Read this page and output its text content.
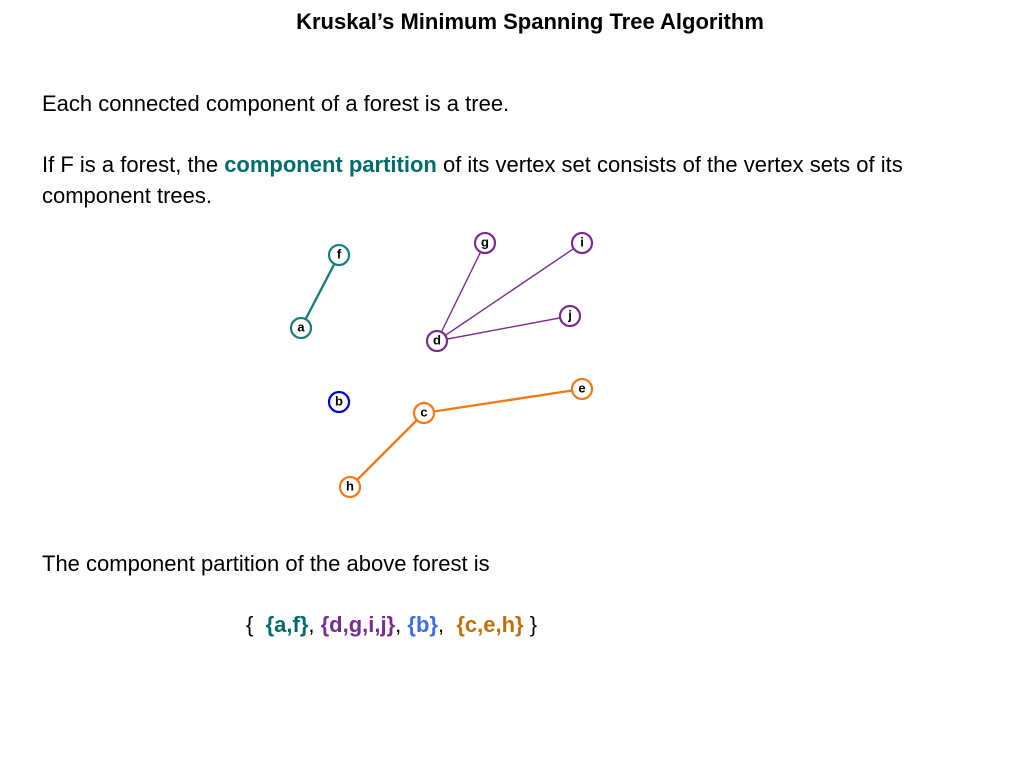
Kruskal’s Minimum Spanning Tree Algorithm
Each connected component of a forest is a tree.
If F is a forest, the component partition of its vertex set consists of the vertex sets of its component trees.
f
a
g	i
j
d
b
e
c
h
The component partition of the above forest is
{  {a,f}, {d,g,i,j}, {b},  {c,e,h} }
